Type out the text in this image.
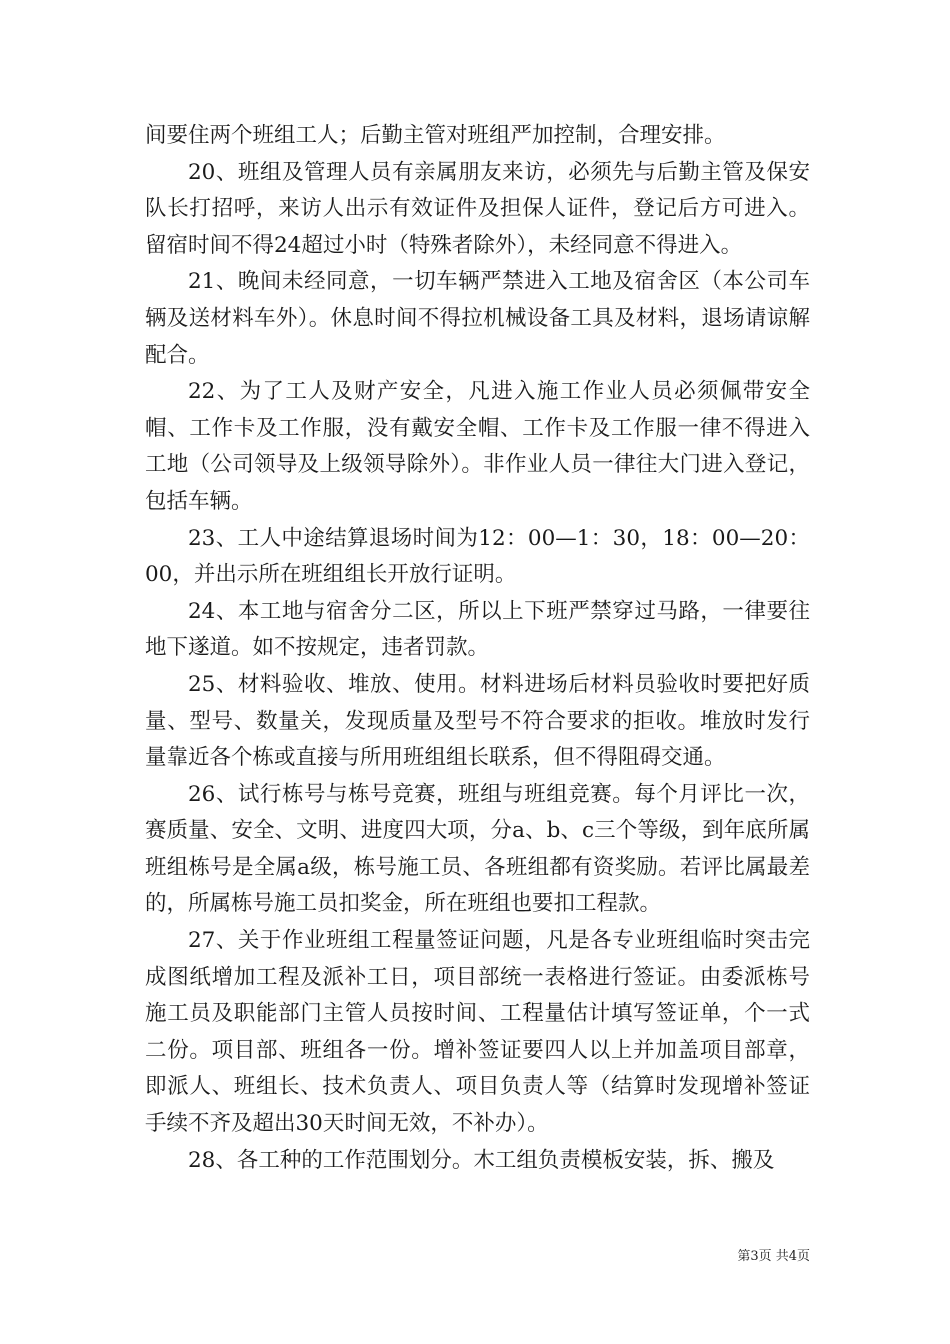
间要住两个班组工人；后勤主管对班组严加控制，合理安排。

20、班组及管理人员有亲属朋友来访，必须先与后勤主管及保安队长打招呼，来访人出示有效证件及担保人证件，登记后方可进入。留宿时间不得24超过小时（特殊者除外），未经同意不得进入。

21、晚间未经同意，一切车辆严禁进入工地及宿舍区（本公司车辆及送材料车外）。休息时间不得拉机械设备工具及材料，退场请谅解配合。

22、为了工人及财产安全，凡进入施工作业人员必须佩带安全帽、工作卡及工作服，没有戴安全帽、工作卡及工作服一律不得进入工地（公司领导及上级领导除外）。非作业人员一律往大门进入登记，包括车辆。

23、工人中途结算退场时间为12：00—1：30，18：00—20：00，并出示所在班组组长开放行证明。

24、本工地与宿舍分二区，所以上下班严禁穿过马路，一律要往地下遂道。如不按规定，违者罚款。

25、材料验收、堆放、使用。材料进场后材料员验收时要把好质量、型号、数量关，发现质量及型号不符合要求的拒收。堆放时发行量靠近各个栋或直接与所用班组组长联系，但不得阻碍交通。

26、试行栋号与栋号竞赛，班组与班组竞赛。每个月评比一次，赛质量、安全、文明、进度四大项，分a、b、c三个等级，到年底所属班组栋号是全属a级，栋号施工员、各班组都有资奖励。若评比属最差的，所属栋号施工员扣奖金，所在班组也要扣工程款。

27、关于作业班组工程量签证问题，凡是各专业班组临时突击完成图纸增加工程及派补工日，项目部统一表格进行签证。由委派栋号施工员及职能部门主管人员按时间、工程量估计填写签证单，个一式二份。项目部、班组各一份。增补签证要四人以上并加盖项目部章，即派人、班组长、技术负责人、项目负责人等（结算时发现增补签证手续不齐及超出30天时间无效，不补办）。

28、各工种的工作范围划分。木工组负责模板安装，拆、搬及

第3页 共4页
